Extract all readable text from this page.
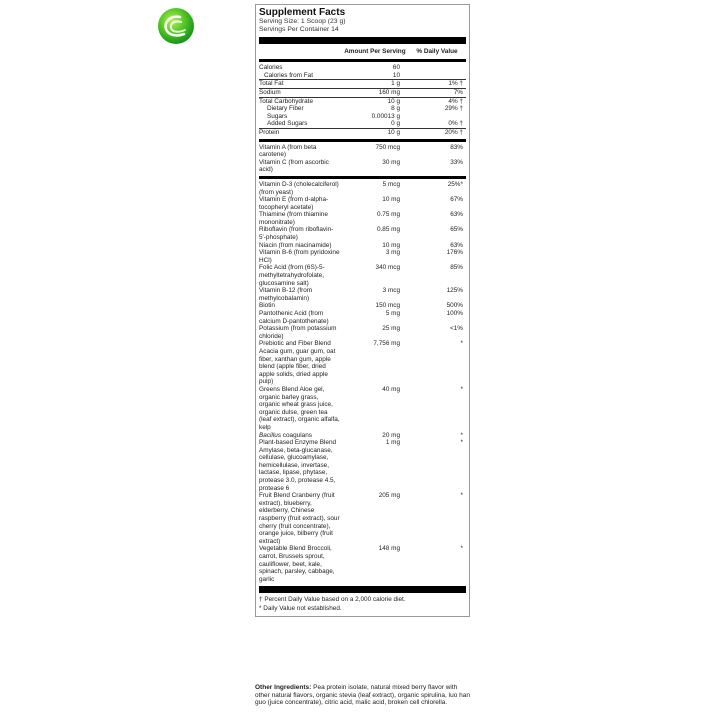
Supplement Facts
Serving Size: 1 Scoop (23 g)
Servings Per Container 14
Amount Per Serving	% Daily Value
Calories	60
Calories from Fat	10
Total Fat	1 g	1% †
Sodium	160 mg	7%
Total Carbohydrate	10 g	4% †
Dietary Fiber	8 g	29% †
Sugars	0.00013 g
Added Sugars	0 g	0% †
Protein	10 g	20% †
Vitamin A (from beta carotene)
750 mcg	83%
Vitamin C (from ascorbic acid)
30 mg	33%
Vitamin D-3 (cholecalciferol) (from yeast)
5 mcg	25%*
Vitamin E (from d-alpha-tocopheryl acetate)
10 mg	67%
Thiamine (from thiamine mononitrate)
0.75 mg	63%
Riboflavin (from riboflavin-5'-phosphate)
0.85 mg	65%
Niacin (from niacinamide)	10 mg	63%
Vitamin B-6 (from pyridoxine HCl)
3 mg	176%
Folic Acid (from (6S)-5-methyltetrahydrofolate, glucosamine salt)
340 mcg	85%
Vitamin B-12 (from methylcobalamin)
3 mcg	125%
Biotin	150 mcg	500%
Pantothenic Acid (from calcium D-pantothenate)
5 mg	100%
Potassium (from potassium chloride)
25 mg	<1%
Prebiotic and Fiber Blend Acacia gum, guar gum, oat fiber, xanthan gum, apple blend (apple fiber, dried apple solids, dried apple pulp)
7,756 mg	*
Greens Blend Aloe gel, organic barley grass, organic wheat grass juice, organic dulse, green tea (leaf extract), organic alfalfa, kelp
40 mg	*
Bacillus coagulans	20 mg	*
Plant-based Enzyme Blend Amylase, beta-glucanase, cellulase, glucoamylase, hemicellulase, invertase, lactase, lipase, phytase, protease 3.0, protease 4.5, protease 6
1 mg	*
Fruit Blend Cranberry (fruit extract), blueberry, elderberry, Chinese raspberry (fruit extract), sour cherry (fruit concentrate), orange juice, bilberry (fruit extract)
205 mg	*
Vegetable Blend Broccoli, carrot, Brussels sprout, cauliflower, beet, kale, spinach, parsley, cabbage, garlic
148 mg	*
† Percent Daily Value based on a 2,000 calorie diet.
* Daily Value not established.
Other Ingredients: Pea protein isolate, natural mixed berry flavor with other natural flavors, organic stevia (leaf extract), organic spirulina, luo han guo (juice concentrate), citric acid, malic acid, broken cell chlorella.
